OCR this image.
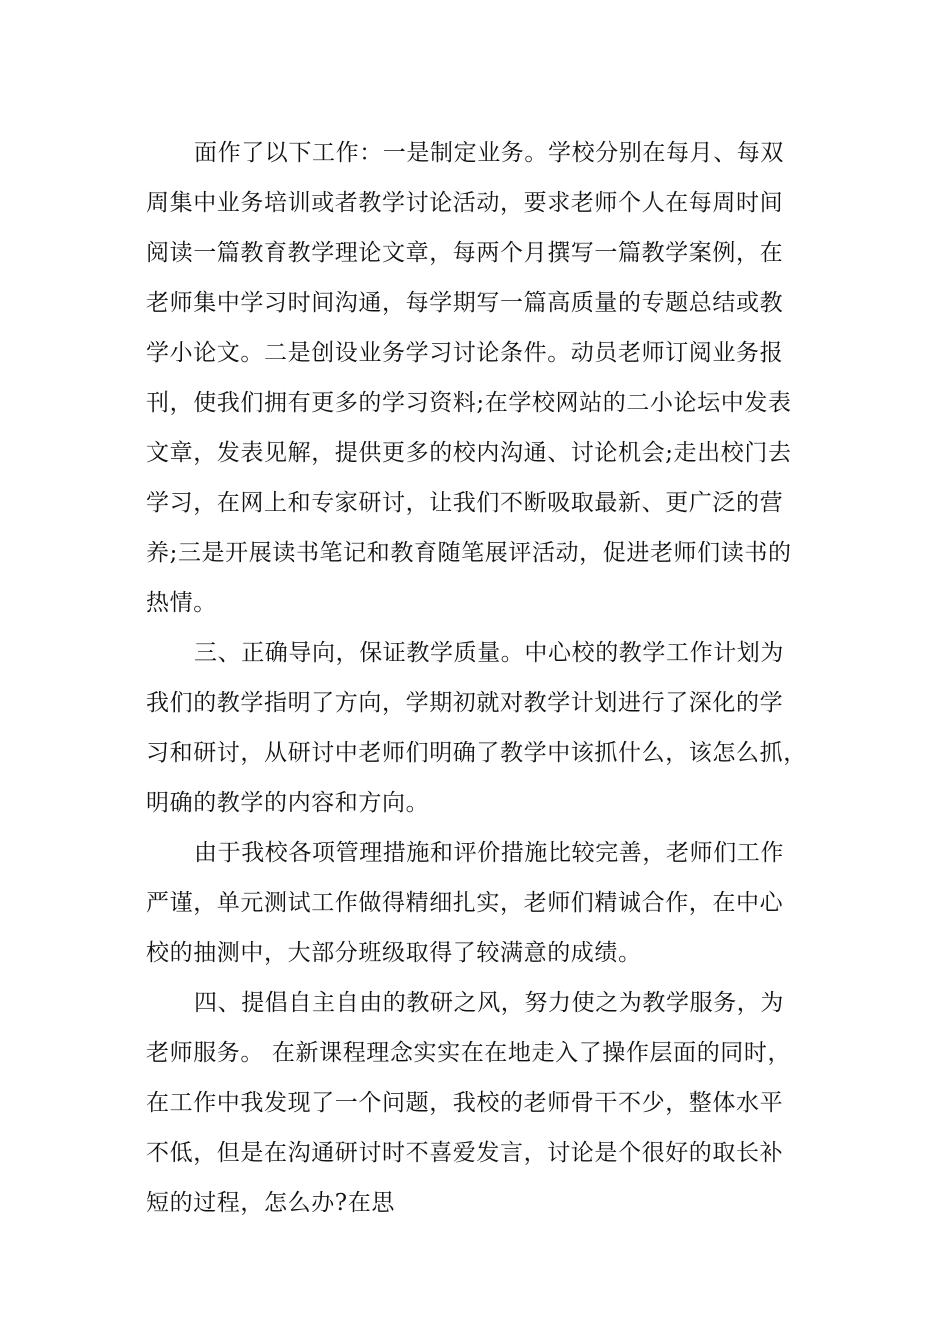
面作了以下工作：一是制定业务。学校分别在每月、每双
周集中业务培训或者教学讨论活动，要求老师个人在每周时间
阅读一篇教育教学理论文章，每两个月撰写一篇教学案例，在
老师集中学习时间沟通，每学期写一篇高质量的专题总结或教
学小论文。二是创设业务学习讨论条件。动员老师订阅业务报
刊，使我们拥有更多的学习资料;在学校网站的二小论坛中发表
文章，发表见解，提供更多的校内沟通、讨论机会;走出校门去
学习，在网上和专家研讨，让我们不断吸取最新、更广泛的营
养;三是开展读书笔记和教育随笔展评活动，促进老师们读书的
热情。
三、正确导向，保证教学质量。中心校的教学工作计划为
我们的教学指明了方向，学期初就对教学计划进行了深化的学
习和研讨，从研讨中老师们明确了教学中该抓什么，该怎么抓，
明确的教学的内容和方向。
由于我校各项管理措施和评价措施比较完善，老师们工作
严谨，单元测试工作做得精细扎实，老师们精诚合作，在中心
校的抽测中，大部分班级取得了较满意的成绩。
四、提倡自主自由的教研之风，努力使之为教学服务，为
老师服务。 在新课程理念实实在在地走入了操作层面的同时，
在工作中我发现了一个问题，我校的老师骨干不少，整体水平
不低，但是在沟通研讨时不喜爱发言，讨论是个很好的取长补
短的过程，怎么办?在思
